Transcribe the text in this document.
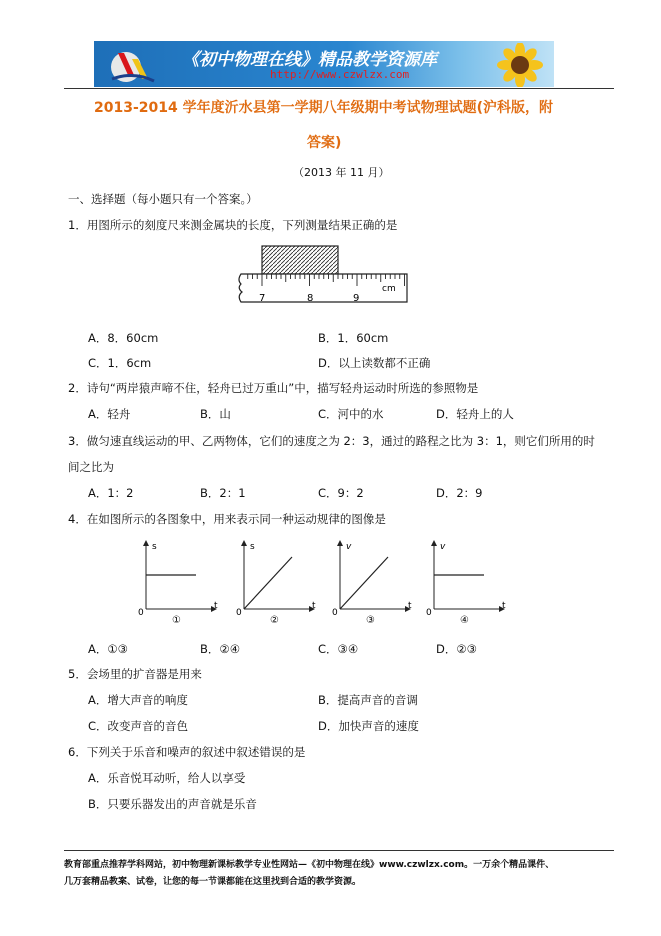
《初中物理在线》精品教学资源库
http://www.czwlzx.com
2013-2014 学年度沂水县第一学期八年级期中考试物理试题(沪科版，附
答案)
（2013 年 11 月）
一、选择题（每小题只有一个答案。）
1．用图所示的刻度尺来测金属块的长度，下列测量结果正确的是
7	8	9
cm
A．8．60cm	B．1．60cm
C．1．6cm	D．以上读数都不正确
2．诗句“两岸猿声啼不住，轻舟已过万重山”中，描写轻舟运动时所选的参照物是
A．轻舟	B．山	C．河中的水	D．轻舟上的人
3．做匀速直线运动的甲、乙两物体，它们的速度之为 2：3，通过的路程之比为 3：1，则它们所用的时
间之比为
A．1：2	B．2：1	C．9：2	D．2：9
4．在如图所示的各图象中，用来表示同一种运动规律的图像是
s
t
0
①
s
t
0
②
v
t
0
③
v
t
0
④
A．①③	B．②④	C．③④	D．②③
5．会场里的扩音器是用来
A．增大声音的响度	B．提高声音的音调
C．改变声音的音色	D．加快声音的速度
6．下列关于乐音和噪声的叙述中叙述错误的是
A．乐音悦耳动听，给人以享受
B．只要乐器发出的声音就是乐音
教育部重点推荐学科网站，初中物理新课标教学专业性网站—《初中物理在线》www.czwlzx.com。一万余个精品课件、
几万套精品教案、试卷，让您的每一节课都能在这里找到合适的教学资源。
